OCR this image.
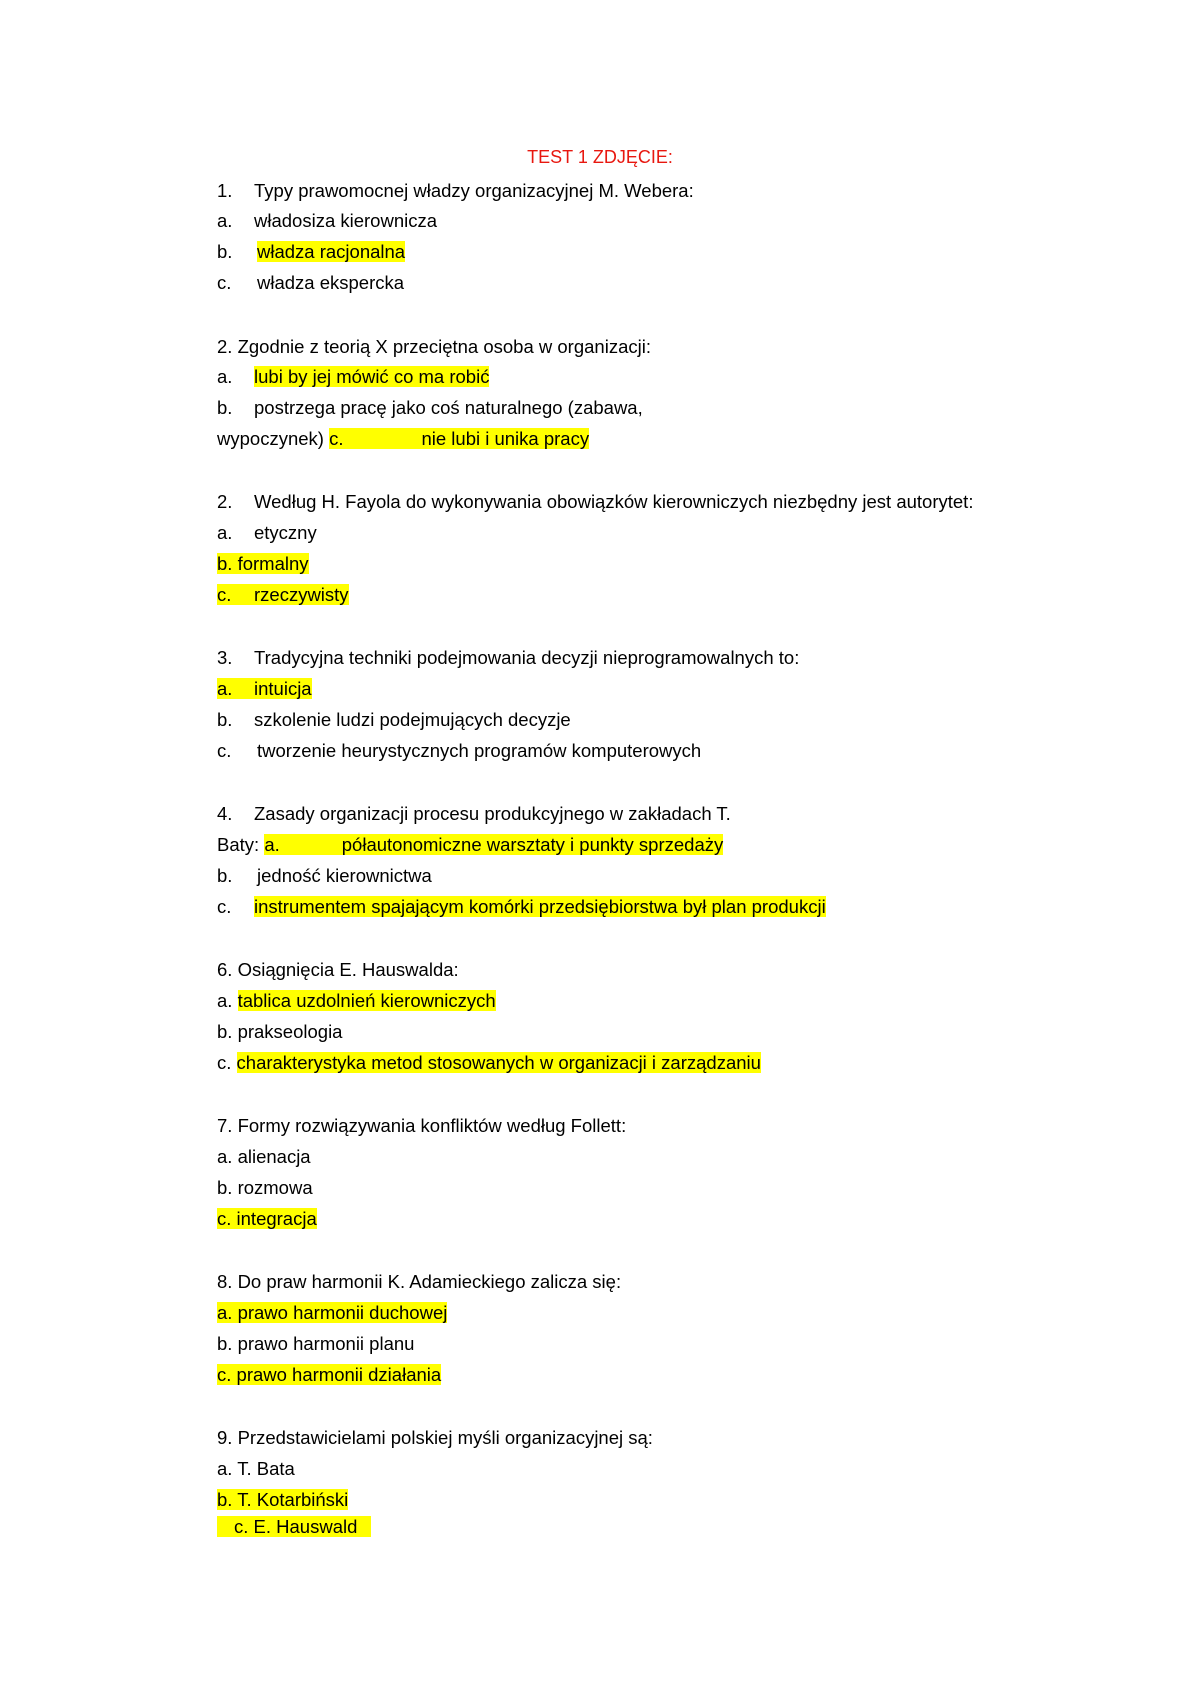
TEST 1 ZDJĘCIE:
1. Typy prawomocnej władzy organizacyjnej M. Webera:
a. władosiza kierownicza
b. władza racjonalna
c. władza eksperckа
2. Zgodnie z teorią X przeciętna osoba w organizacji:
a. lubi by jej mówić co ma robić
b. postrzega pracę jako coś naturalnego (zabawa,
wypoczynek) c.	nie lubi i unika pracy
2. Według H. Fayola do wykonywania obowiązków kierowniczych niezbędny jest autorytet:
a. etyczny
b. formalny
c. rzeczywisty
3. Tradycyjna techniki podejmowania decyzji nieprogramowalnych to:
a. intuicja
b. szkolenie ludzi podejmujących decyzje
c. tworzenie heurystycznych programów komputerowych
4. Zasady organizacji procesu produkcyjnego w zakładach T.
Baty: a.	półautonomiczne warsztaty i punkty sprzedaży
b. jedność kierownictwa
c. instrumentem spajającym komórki przedsiębiorstwa był plan produkcji
6. Osiągnięcia E. Hauswalda:
a. tablica uzdolnień kierowniczych
b. prakseologia
c. charakterystyka metod stosowanych w organizacji i zarządzaniu
7. Formy rozwiązywania konfliktów według Follett:
a. alienacja
b. rozmowa
c. integracja
8. Do praw harmonii K. Adamieckiego zalicza się:
a. prawo harmonii duchowej
b. prawo harmonii planu
c. prawo harmonii działania
9. Przedstawicielami polskiej myśli organizacyjnej są:
a. T. Bata
b. T. Kotarbiński
c. E. Hauswald
